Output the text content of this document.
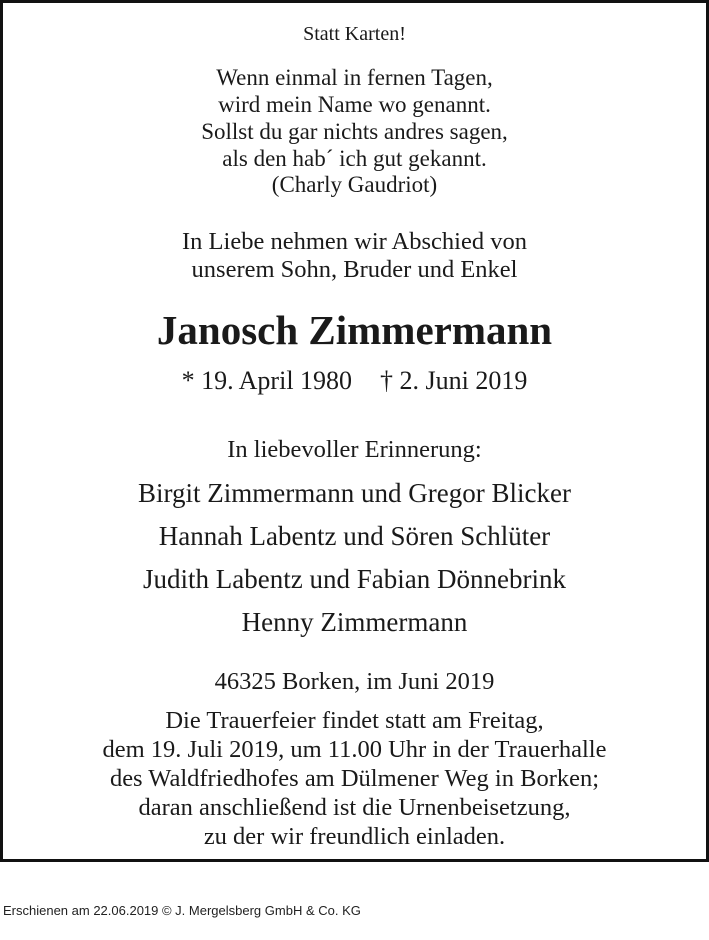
Statt Karten!
Wenn einmal in fernen Tagen,
wird mein Name wo genannt.
Sollst du gar nichts andres sagen,
als den hab´ ich gut gekannt.
(Charly Gaudriot)
In Liebe nehmen wir Abschied von
unserem Sohn, Bruder und Enkel
Janosch Zimmermann
* 19. April 1980 † 2. Juni 2019
In liebevoller Erinnerung:
Birgit Zimmermann und Gregor Blicker
Hannah Labentz und Sören Schlüter
Judith Labentz und Fabian Dönnebrink
Henny Zimmermann
46325 Borken, im Juni 2019
Die Trauerfeier findet statt am Freitag,
dem 19. Juli 2019, um 11.00 Uhr in der Trauerhalle
des Waldfriedhofes am Dülmener Weg in Borken;
daran anschließend ist die Urnenbeisetzung,
zu der wir freundlich einladen.
Erschienen am 22.06.2019 © J. Mergelsberg GmbH & Co. KG
